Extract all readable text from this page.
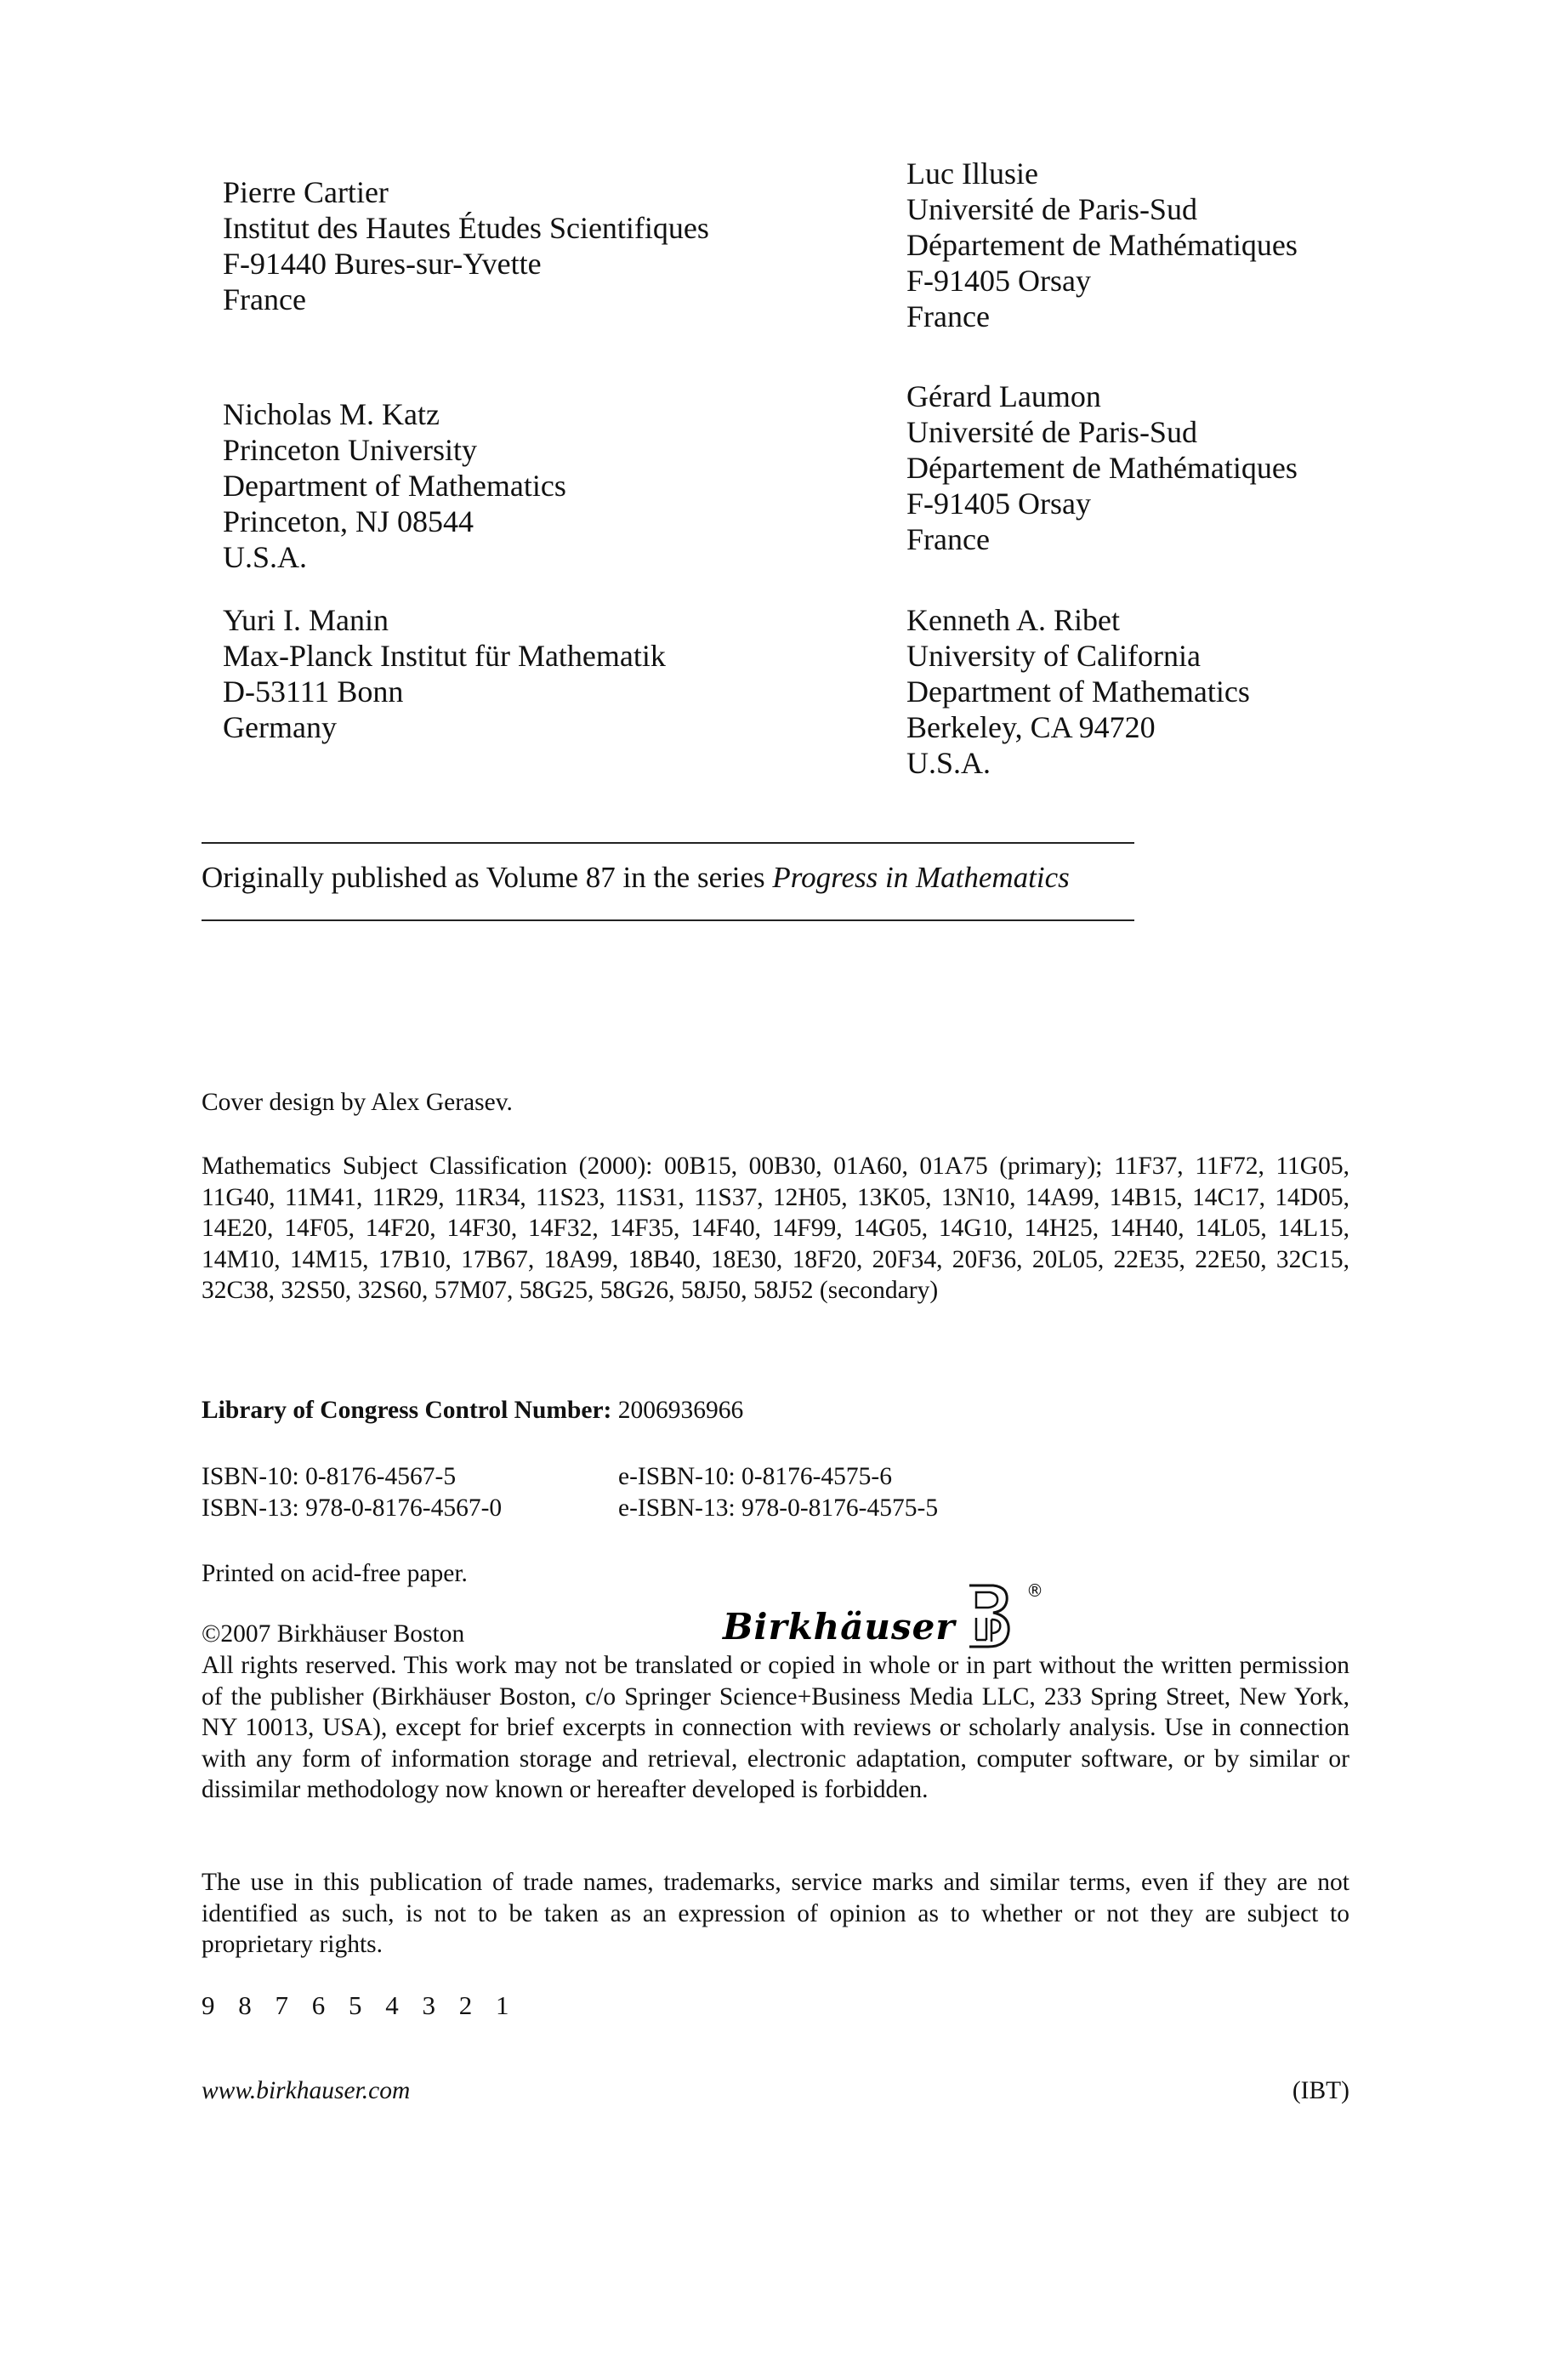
Pierre Cartier
Institut des Hautes Études Scientifiques
F-91440 Bures-sur-Yvette
France
Nicholas M. Katz
Princeton University
Department of Mathematics
Princeton, NJ 08544
U.S.A.
Yuri I. Manin
Max-Planck Institut für Mathematik
D-53111 Bonn
Germany
Luc Illusie
Université de Paris-Sud
Département de Mathématiques
F-91405 Orsay
France
Gérard Laumon
Université de Paris-Sud
Département de Mathématiques
F-91405 Orsay
France
Kenneth A. Ribet
University of California
Department of Mathematics
Berkeley, CA 94720
U.S.A.
Originally published as Volume 87 in the series Progress in Mathematics
Cover design by Alex Gerasev.
Mathematics Subject Classification (2000): 00B15, 00B30, 01A60, 01A75 (primary); 11F37, 11F72, 11G05, 11G40, 11M41, 11R29, 11R34, 11S23, 11S31, 11S37, 12H05, 13K05, 13N10, 14A99, 14B15, 14C17, 14D05, 14E20, 14F05, 14F20, 14F30, 14F32, 14F35, 14F40, 14F99, 14G05, 14G10, 14H25, 14H40, 14L05, 14L15, 14M10, 14M15, 17B10, 17B67, 18A99, 18B40, 18E30, 18F20, 20F34, 20F36, 20L05, 22E35, 22E50, 32C15, 32C38, 32S50, 32S60, 57M07, 58G25, 58G26, 58J50, 58J52 (secondary)
Library of Congress Control Number: 2006936966
ISBN-10: 0-8176-4567-5	e-ISBN-10: 0-8176-4575-6
ISBN-13: 978-0-8176-4567-0	e-ISBN-13: 978-0-8176-4575-5
Printed on acid-free paper.
©2007 Birkhäuser Boston	Birkhäuser
®
All rights reserved. This work may not be translated or copied in whole or in part without the written permission of the publisher (Birkhäuser Boston, c/o Springer Science+Business Media LLC, 233 Spring Street, New York, NY 10013, USA), except for brief excerpts in connection with reviews or scholarly analysis. Use in connection with any form of information storage and retrieval, electronic adaptation, computer software, or by similar or dissimilar methodology now known or hereafter developed is forbidden.
The use in this publication of trade names, trademarks, service marks and similar terms, even if they are not identified as such, is not to be taken as an expression of opinion as to whether or not they are subject to proprietary rights.
9 8 7 6 5 4 3 2 1
www.birkhauser.com	(IBT)
